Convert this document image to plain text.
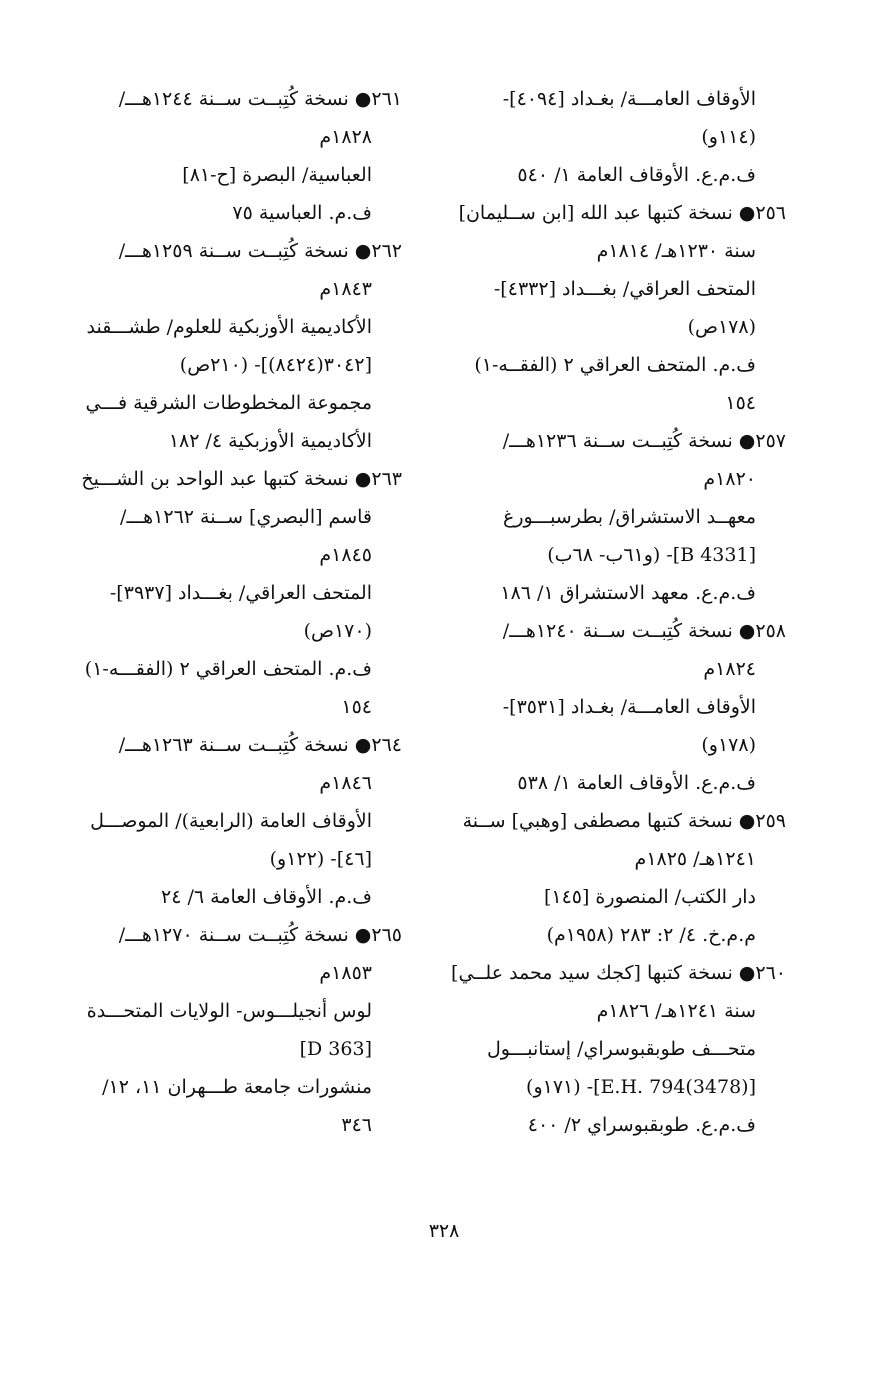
الأوقاف العامـــة/ بغـداد [٤٠٩٤]-
(١١٤و)
ف.م.ع. الأوقاف العامة ١/ ٥٤٠
٢٥٦● نسخة كتبها عبد الله [ابن ســليمان]
سنة ١٢٣٠هـ/ ١٨١٤م
المتحف العراقي/ بغـــداد [٤٣٣٢]-
(١٧٨ص)
ف.م. المتحف العراقي ٢ (الفقــه-١)
١٥٤
٢٥٧● نسخة كُتِبــت ســنة ١٢٣٦هـــ/
١٨٢٠م
معهــد الاستشراق/ بطرسبـــورغ
[B 4331]- (و٦١ب- ٦٨ب)
ف.م.ع. معهد الاستشراق ١/ ١٨٦
٢٥٨● نسخة كُتِبــت ســنة ١٢٤٠هـــ/
١٨٢٤م
الأوقاف العامـــة/ بغـداد [٣٥٣١]-
(١٧٨و)
ف.م.ع. الأوقاف العامة ١/ ٥٣٨
٢٥٩● نسخة كتبها مصطفى [وهبي] ســنة
١٢٤١هـ/ ١٨٢٥م
دار الكتب/ المنصورة [١٤٥]
م.م.خ. ٤/ ٢: ٢٨٣ (١٩٥٨م)
٢٦٠● نسخة كتبها [كجك سيد محمد علــي]
سنة ١٢٤١هـ/ ١٨٢٦م
متحـــف طوبقبوسراي/ إستانبـــول
[(3478)E.H. 794]- (١٧١و)
ف.م.ع. طوبقبوسراي ٢/ ٤٠٠
٢٦١● نسخة كُتِبــت ســنة ١٢٤٤هـــ/
١٨٢٨م
العباسية/ البصرة [ح-٨١]
ف.م. العباسية ٧٥
٢٦٢● نسخة كُتِبــت ســنة ١٢٥٩هـــ/
١٨٤٣م
الأكاديمية الأوزبكية للعلوم/ طشـــقند
[٣٠٤٢(٨٤٢٤)]- (٢١٠ص)
مجموعة المخطوطات الشرقية فـــي
الأكاديمية الأوزبكية ٤/ ١٨٢
٢٦٣● نسخة كتبها عبد الواحد بن الشـــيخ
قاسم [البصري] ســنة ١٢٦٢هـــ/
١٨٤٥م
المتحف العراقي/ بغـــداد [٣٩٣٧]-
(١٧٠ص)
ف.م. المتحف العراقي ٢ (الفقـــه-١)
١٥٤
٢٦٤● نسخة كُتِبــت ســنة ١٢٦٣هـــ/
١٨٤٦م
الأوقاف العامة (الرابعية)/ الموصـــل
[٤٦]- (١٢٢و)
ف.م. الأوقاف العامة ٦/ ٢٤
٢٦٥● نسخة كُتِبــت ســنة ١٢٧٠هـــ/
١٨٥٣م
لوس أنجيلـــوس- الولايات المتحـــدة
[D 363]
منشورات جامعة طـــهران ١١، ١٢/
٣٤٦
٣٢٨
